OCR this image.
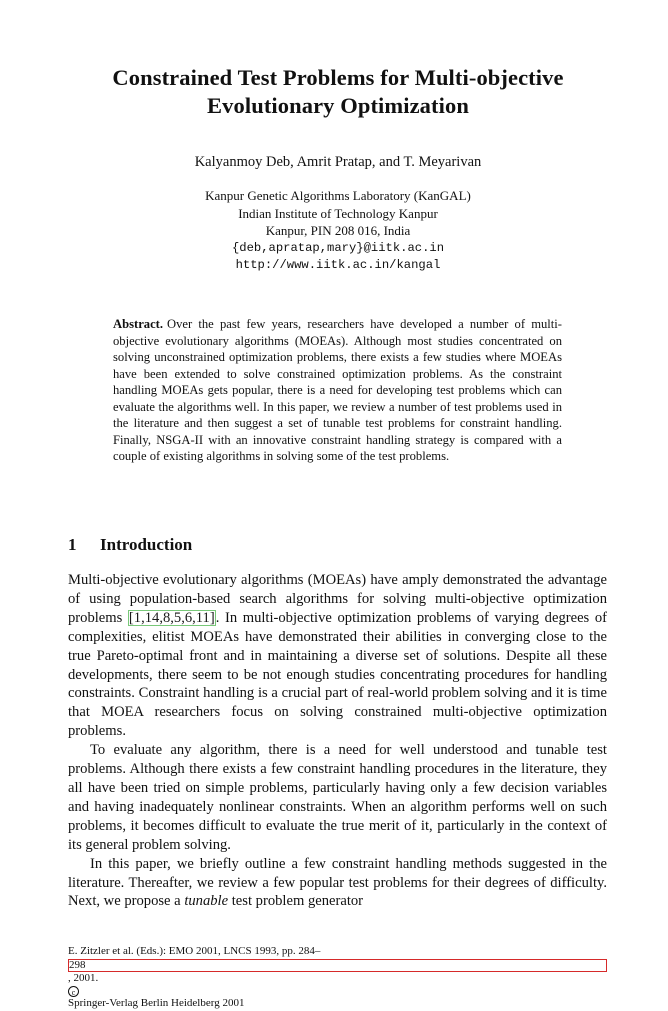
Constrained Test Problems for Multi-objective
Evolutionary Optimization
Kalyanmoy Deb, Amrit Pratap, and T. Meyarivan
Kanpur Genetic Algorithms Laboratory (KanGAL)
Indian Institute of Technology Kanpur
Kanpur, PIN 208 016, India
{deb,apratap,mary}@iitk.ac.in
http://www.iitk.ac.in/kangal
Abstract. Over the past few years, researchers have developed a number of multi-objective evolutionary algorithms (MOEAs). Although most studies concentrated on solving unconstrained optimization problems, there exists a few studies where MOEAs have been extended to solve constrained optimization problems. As the constraint handling MOEAs gets popular, there is a need for developing test problems which can evaluate the algorithms well. In this paper, we review a number of test problems used in the literature and then suggest a set of tunable test problems for constraint handling. Finally, NSGA-II with an innovative constraint handling strategy is compared with a couple of existing algorithms in solving some of the test problems.
1 Introduction

Multi-objective evolutionary algorithms (MOEAs) have amply demonstrated the advantage of using population-based search algorithms for solving multi-objective optimization problems [1,14,8,5,6,11]. In multi-objective optimization problems of varying degrees of complexities, elitist MOEAs have demonstrated their abilities in converging close to the true Pareto-optimal front and in maintaining a diverse set of solutions. Despite all these developments, there seem to be not enough studies concentrating procedures for handling constraints. Constraint handling is a crucial part of real-world problem solving and it is time that MOEA researchers focus on solving constrained multi-objective optimization problems.

To evaluate any algorithm, there is a need for well understood and tunable test problems. Although there exists a few constraint handling procedures in the literature, they all have been tried on simple problems, particularly having only a few decision variables and having inadequately nonlinear constraints. When an algorithm performs well on such problems, it becomes difficult to evaluate the true merit of it, particularly in the context of its general problem solving.

In this paper, we briefly outline a few constraint handling methods suggested in the literature. Thereafter, we review a few popular test problems for their degrees of difficulty. Next, we propose a tunable test problem generator

E. Zitzler et al. (Eds.): EMO 2001, LNCS 1993, pp. 284–
298
, 2001.
c
Springer-Verlag Berlin Heidelberg 2001
